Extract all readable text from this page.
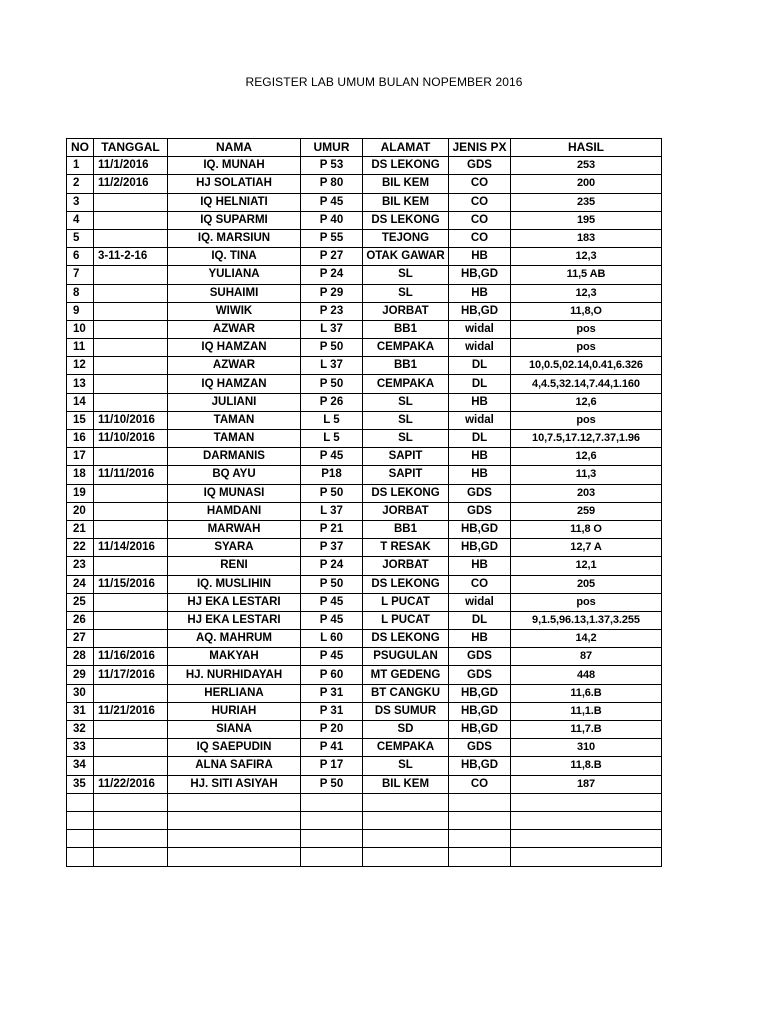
REGISTER LAB UMUM BULAN NOPEMBER 2016
NO	TANGGAL	NAMA	UMUR	ALAMAT	JENIS PX	HASIL
1	11/1/2016	IQ. MUNAH	P 53	DS LEKONG	GDS	253
2	11/2/2016	HJ SOLATIAH	P 80	BIL KEM	CO	200
3		IQ HELNIATI	P 45	BIL KEM	CO	235
4		IQ SUPARMI	P 40	DS LEKONG	CO	195
5		IQ. MARSIUN	P 55	TEJONG	CO	183
6	3-11-2-16	IQ. TINA	P 27	OTAK GAWAR	HB	12,3
7		YULIANA	P 24	SL	HB,GD	11,5 AB
8		SUHAIMI	P 29	SL	HB	12,3
9		WIWIK	P 23	JORBAT	HB,GD	11,8,O
10		AZWAR	L 37	BB1	widal	pos
11		IQ HAMZAN	P 50	CEMPAKA	widal	pos
12		AZWAR	L 37	BB1	DL	10,0.5,02.14,0.41,6.326
13		IQ HAMZAN	P 50	CEMPAKA	DL	4,4.5,32.14,7.44,1.160
14		JULIANI	P 26	SL	HB	12,6
15	11/10/2016	TAMAN	L 5	SL	widal	pos
16	11/10/2016	TAMAN	L 5	SL	DL	10,7.5,17.12,7.37,1.96
17		DARMANIS	P 45	SAPIT	HB	12,6
18	11/11/2016	BQ AYU	P18	SAPIT	HB	11,3
19		IQ MUNASI	P 50	DS LEKONG	GDS	203
20		HAMDANI	L 37	JORBAT	GDS	259
21		MARWAH	P 21	BB1	HB,GD	11,8 O
22	11/14/2016	SYARA	P 37	T RESAK	HB,GD	12,7 A
23		RENI	P 24	JORBAT	HB	12,1
24	11/15/2016	IQ. MUSLIHIN	P 50	DS LEKONG	CO	205
25		HJ EKA LESTARI	P 45	L PUCAT	widal	pos
26		HJ EKA LESTARI	P 45	L PUCAT	DL	9,1.5,96.13,1.37,3.255
27		AQ. MAHRUM	L 60	DS LEKONG	HB	14,2
28	11/16/2016	MAKYAH	P 45	PSUGULAN	GDS	87
29	11/17/2016	HJ. NURHIDAYAH	P 60	MT GEDENG	GDS	448
30		HERLIANA	P 31	BT CANGKU	HB,GD	11,6.B
31	11/21/2016	HURIAH	P 31	DS SUMUR	HB,GD	11,1.B
32		SIANA	P 20	SD	HB,GD	11,7.B
33		IQ SAEPUDIN	P 41	CEMPAKA	GDS	310
34		ALNA SAFIRA	P 17	SL	HB,GD	11,8.B
35	11/22/2016	HJ. SITI ASIYAH	P 50	BIL KEM	CO	187
